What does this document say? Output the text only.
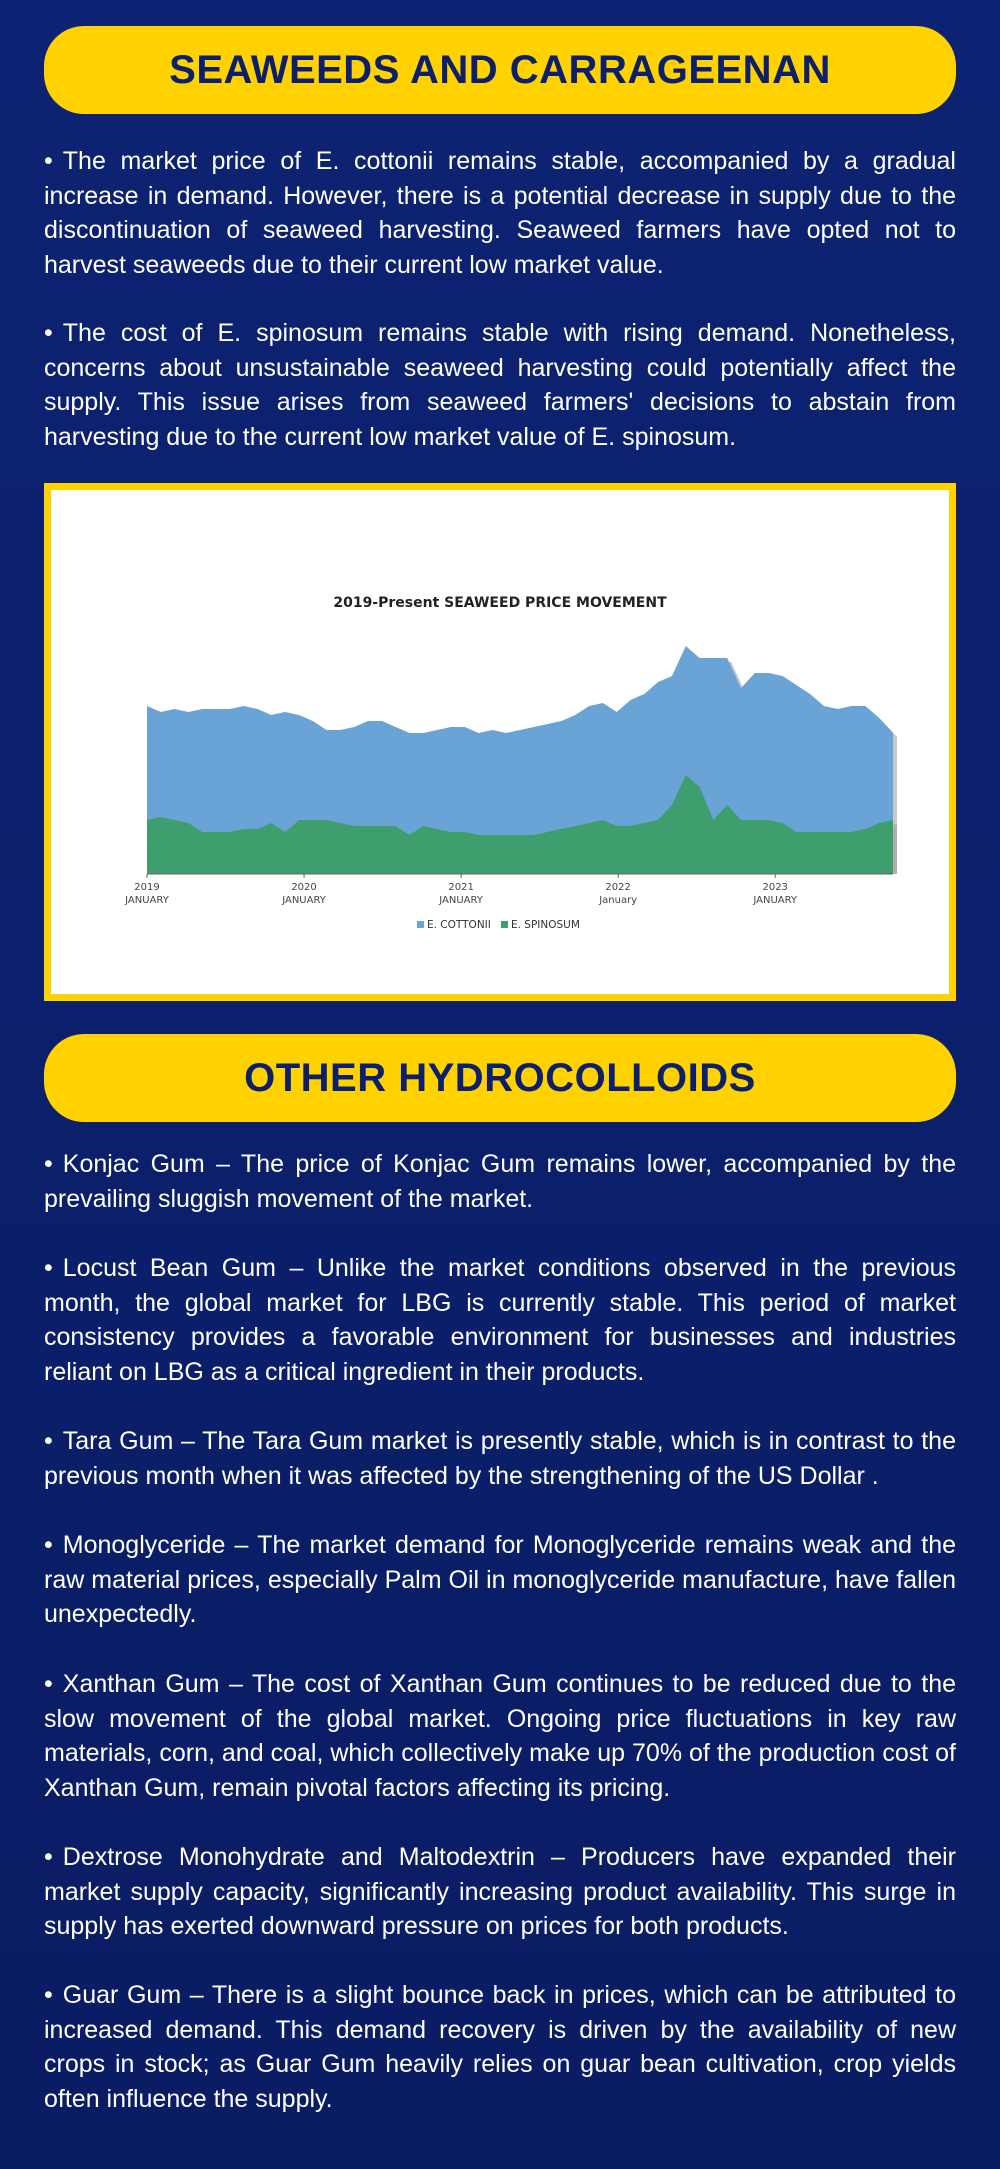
SEAWEEDS AND CARRAGEENAN

• The market price of E. cottonii remains stable, accompanied by a gradual increase in demand. However, there is a potential decrease in supply due to the discontinuation of seaweed harvesting. Seaweed farmers have opted not to harvest seaweeds due to their current low market value.

• The cost of E. spinosum remains stable with rising demand. Nonetheless, concerns about unsustainable seaweed harvesting could potentially affect the supply. This issue arises from seaweed farmers' decisions to abstain from harvesting due to the current low market value of E. spinosum.

2019-Present SEAWEED PRICE MOVEMENT
2019
JANUARY
2020
JANUARY
2021
JANUARY
2022
January
2023
JANUARY
E. COTTONII E. SPINOSUM
OTHER HYDROCOLLOIDS

• Konjac Gum – The price of Konjac Gum remains lower, accompanied by the prevailing sluggish movement of the market.

• Locust Bean Gum – Unlike the market conditions observed in the previous month, the global market for LBG is currently stable. This period of market consistency provides a favorable environment for businesses and industries reliant on LBG as a critical ingredient in their products.

• Tara Gum – The Tara Gum market is presently stable, which is in contrast to the previous month when it was affected by the strengthening of the US Dollar .

• Monoglyceride – The market demand for Monoglyceride remains weak and the raw material prices, especially Palm Oil in monoglyceride manufacture, have fallen unexpectedly.

• Xanthan Gum – The cost of Xanthan Gum continues to be reduced due to the slow movement of the global market. Ongoing price fluctuations in key raw materials, corn, and coal, which collectively make up 70% of the production cost of Xanthan Gum, remain pivotal factors affecting its pricing.

• Dextrose Monohydrate and Maltodextrin – Producers have expanded their market supply capacity, significantly increasing product availability. This surge in supply has exerted downward pressure on prices for both products.

• Guar Gum – There is a slight bounce back in prices, which can be attributed to increased demand. This demand recovery is driven by the availability of new crops in stock; as Guar Gum heavily relies on guar bean cultivation, crop yields often influence the supply.
